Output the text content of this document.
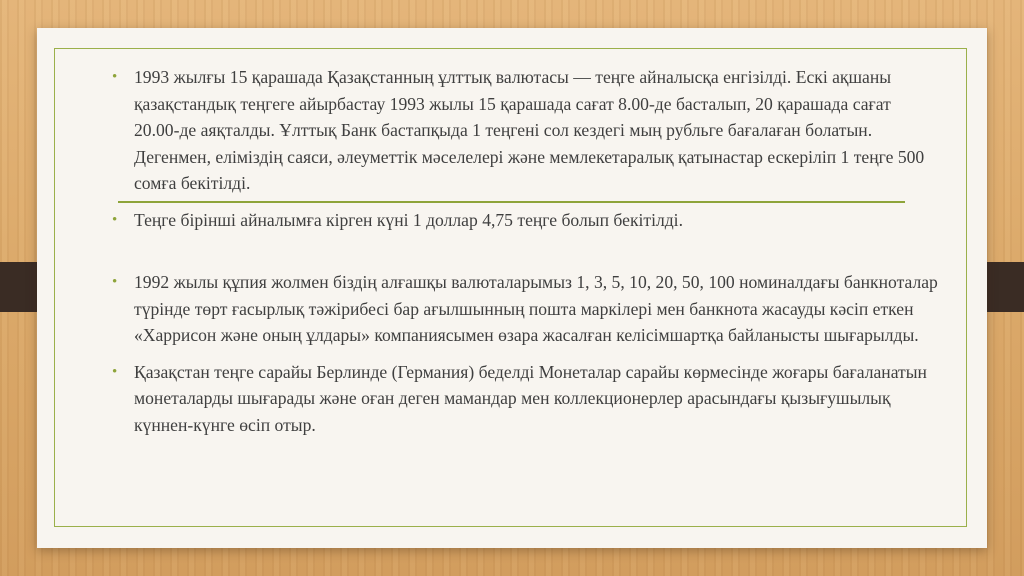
• 1993 жылғы 15 қарашада Қазақстанның ұлттық валютасы — теңге айналысқа енгізілді. Ескі ақшаны қазақстандық теңгеге айырбастау 1993 жылы 15 қарашада сағат 8.00-де басталып, 20 қарашада сағат 20.00-де аяқталды. Ұлттық Банк бастапқыда 1 теңгені сол кездегі мың рубльге бағалаған болатын. Дегенмен, еліміздің саяси, әлеуметтік мәселелері және мемлекетаралық қатынастар ескеріліп 1 теңге 500 сомға бекітілді.
• Теңге бірінші айналымға кірген күні 1 доллар 4,75 теңге болып бекітілді.
• 1992 жылы құпия жолмен біздің алғашқы валюталарымыз 1, 3, 5, 10, 20, 50, 100 номиналдағы банкноталар түрінде төрт ғасырлық тәжірибесі бар ағылшынның пошта маркілері мен банкнота жасауды кәсіп еткен «Харрисон және оның ұлдары» компаниясымен өзара жасалған келісімшартқа байланысты шығарылды.
• Қазақстан теңге сарайы Берлинде (Германия) беделді Монеталар сарайы көрмесінде жоғары бағаланатын монеталарды шығарады және оған деген мамандар мен коллекционерлер арасындағы қызығушылық күннен-күнге өсіп отыр.
